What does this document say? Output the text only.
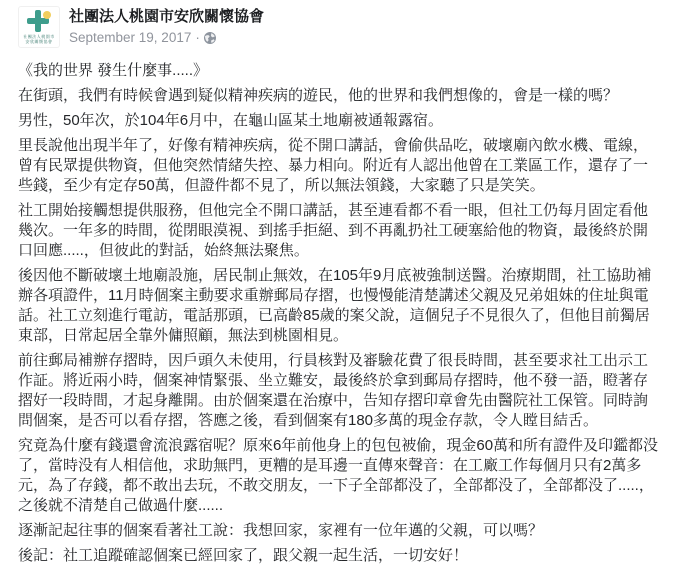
社團法人桃園市
安欣關懷協會
社團法人桃園市安欣關懷協會
September 19, 2017 ·

《我的世界 發生什麼事.....》

在街頭，我們有時候會遇到疑似精神疾病的遊民，他的世界和我們想像的，會是一樣的嗎？

男性，50年次，於104年6月中，在龜山區某土地廟被通報露宿。

里長說他出現半年了，好像有精神疾病，從不開口講話，會偷供品吃，破壞廟內飲水機、電線，曾有民眾提供物資，但他突然情緒失控、暴力相向。附近有人認出他曾在工業區工作，還存了一些錢，至少有定存50萬，但證件都不見了，所以無法領錢，大家聽了只是笑笑。

社工開始接觸想提供服務，但他完全不開口講話，甚至連看都不看一眼，但社工仍每月固定看他幾次。一年多的時間，從閉眼漠視、到搖手拒絕、到不再亂扔社工硬塞給他的物資，最後終於開口回應.....，但彼此的對話，始終無法聚焦。

後因他不斷破壞土地廟設施，居民制止無效，在105年9月底被強制送醫。治療期間，社工協助補辦各項證件，11月時個案主動要求重辦郵局存摺，也慢慢能清楚講述父親及兄弟姐妹的住址與電話。社工立刻進行電訪，電話那頭，已高齡85歲的案父說，這個兒子不見很久了，但他目前獨居東部，日常起居全靠外傭照顧，無法到桃園相見。

前往郵局補辦存摺時，因戶頭久未使用，行員核對及審驗花費了很長時間，甚至要求社工出示工作証。將近兩小時，個案神情緊張、坐立難安，最後終於拿到郵局存摺時，他不發一語，瞪著存摺好一段時間，才起身離開。由於個案還在治療中，告知存摺印章會先由醫院社工保管。同時詢問個案，是否可以看存摺，答應之後，看到個案有180多萬的現金存款，令人瞠目結舌。

究竟為什麼有錢還會流浪露宿呢？原來6年前他身上的包包被偷，現金60萬和所有證件及印鑑都没了，當時没有人相信他，求助無門，更糟的是耳邊一直傳來聲音：在工廠工作每個月只有2萬多元，為了存錢，都不敢出去玩，不敢交朋友，一下子全部都没了，全部都没了，全部都没了.....，之後就不清楚自己做過什麼......

逐漸記起往事的個案看著社工說：我想回家，家裡有一位年邁的父親，可以嗎？

後記：社工追蹤確認個案已經回家了，跟父親一起生活，一切安好！
